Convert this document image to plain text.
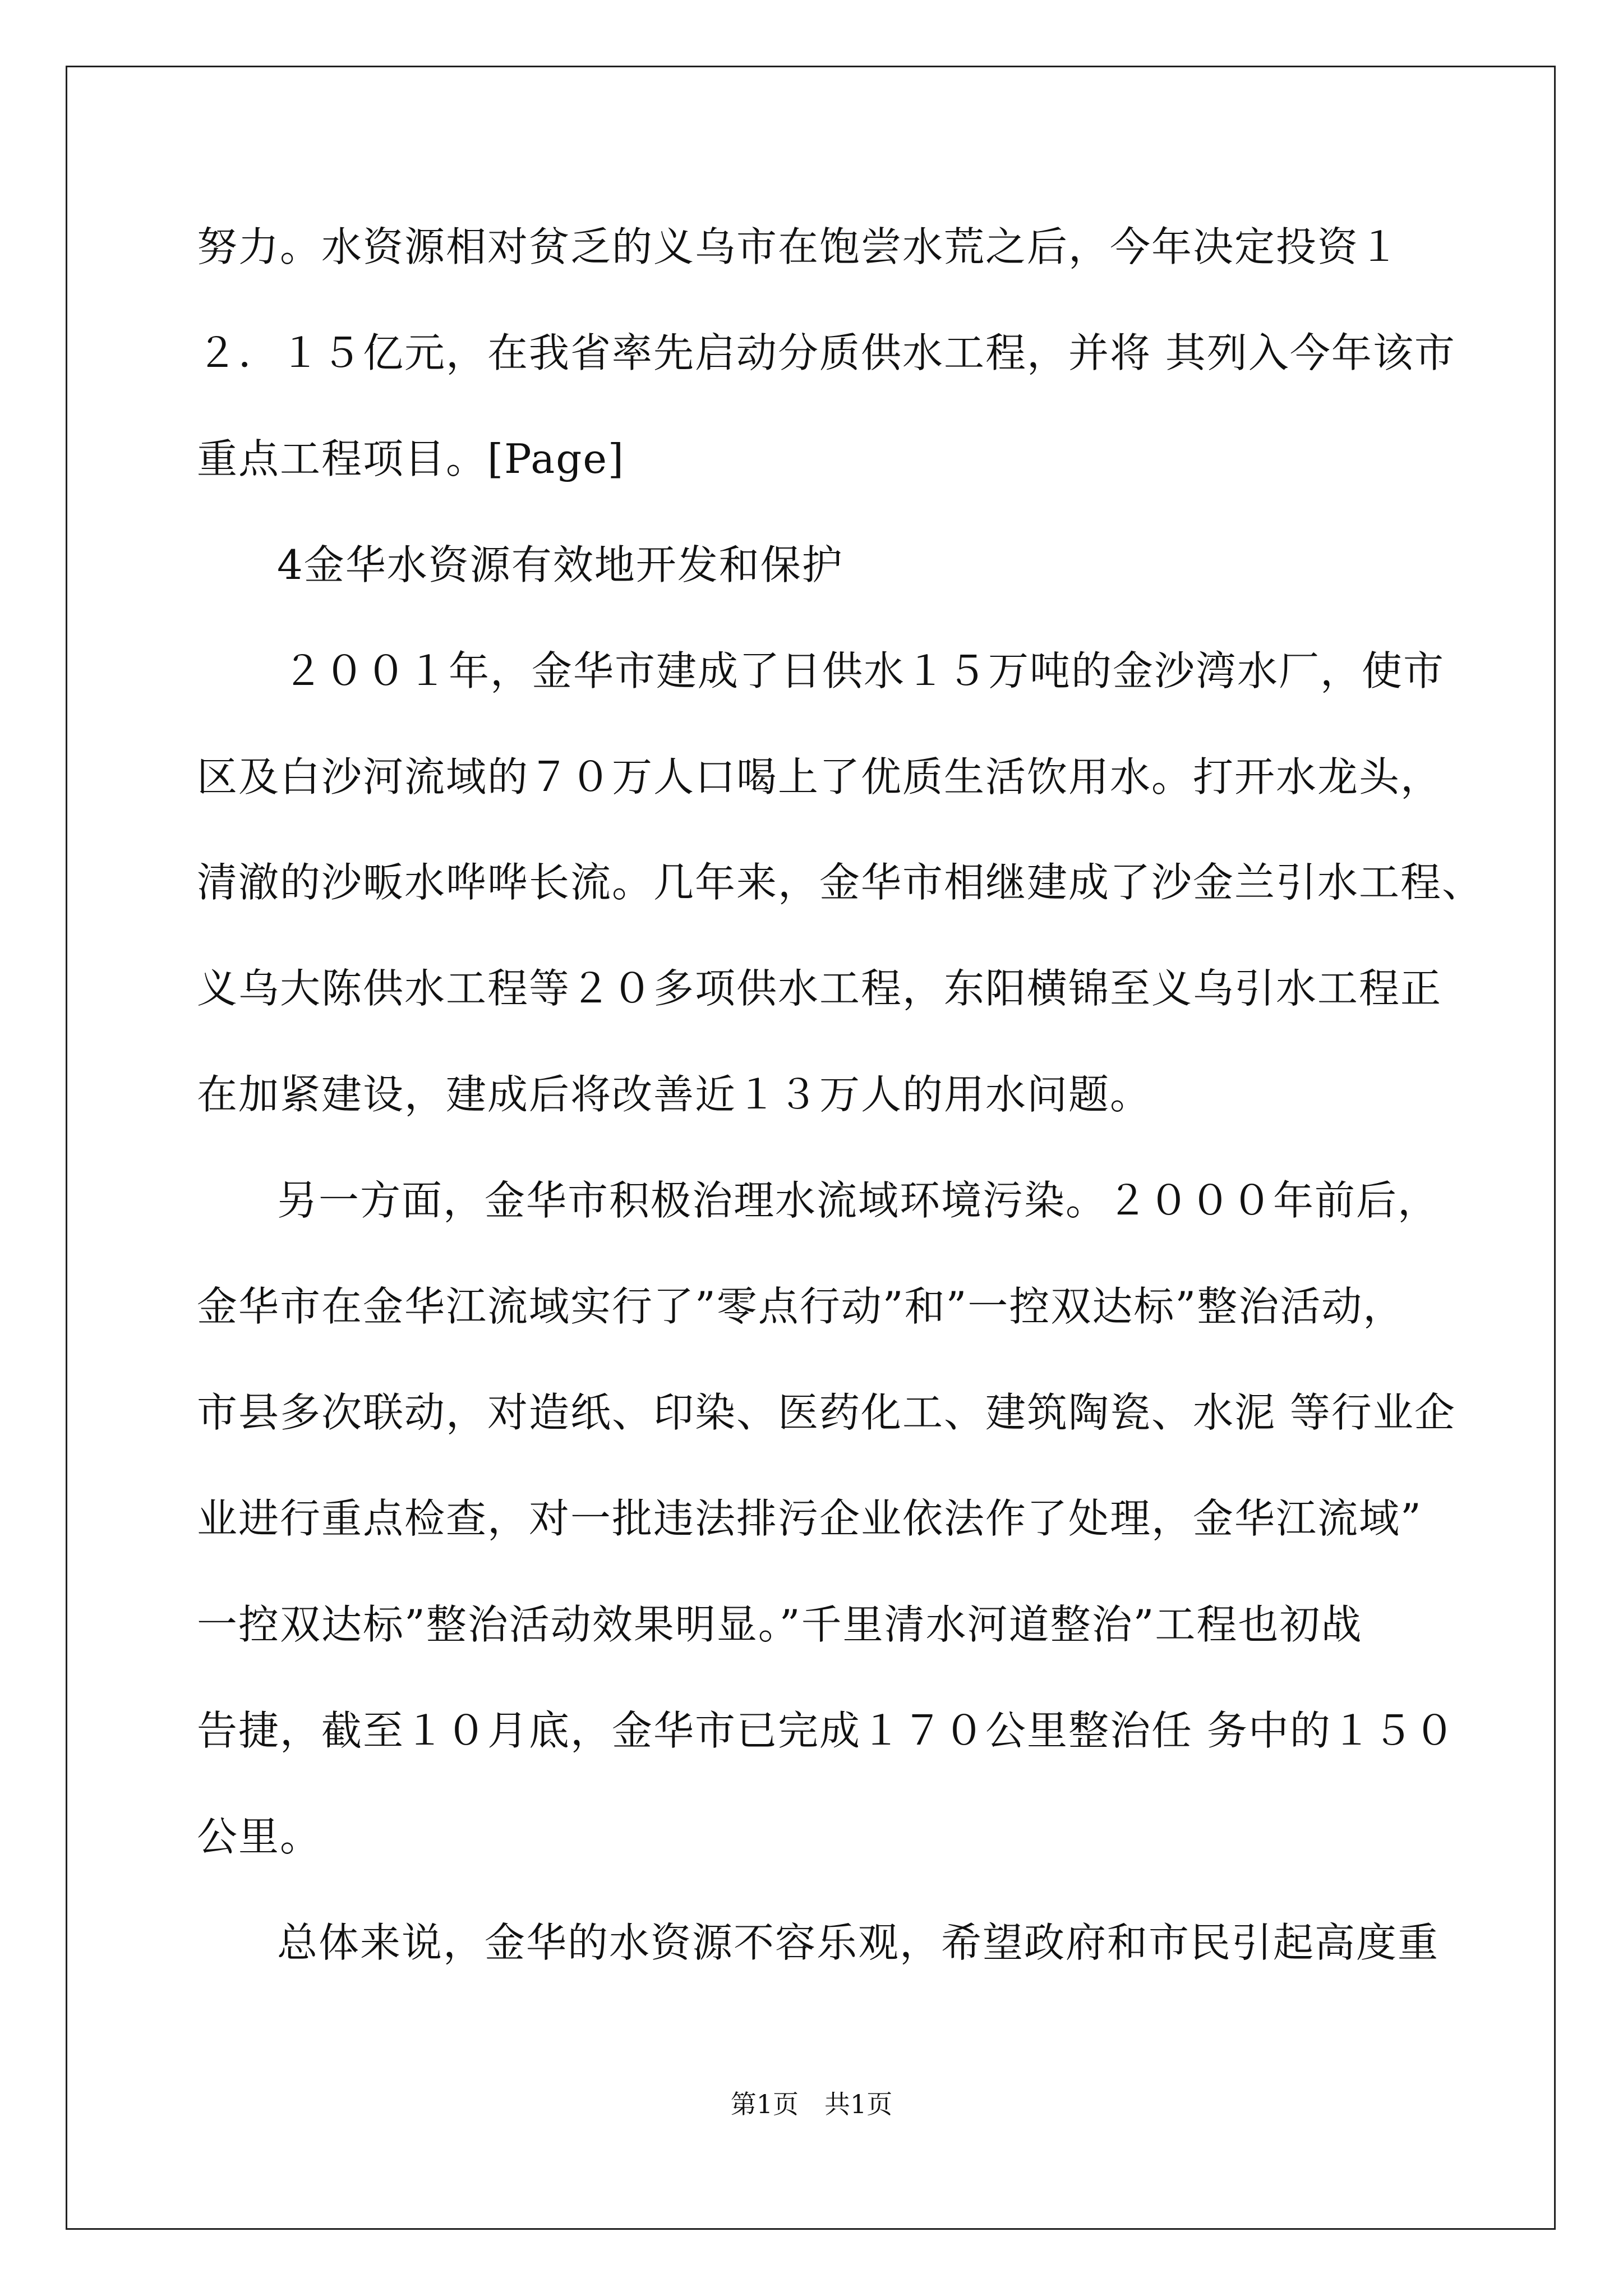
努力。水资源相对贫乏的义乌市在饱尝水荒之后，今年决定投资１
２．１５亿元，在我省率先启动分质供水工程，并将 其列入今年该市
重点工程项目。[Page]
4金华水资源有效地开发和保护
２００１年，金华市建成了日供水１５万吨的金沙湾水厂，使市
区及白沙河流域的７０万人口喝上了优质生活饮用水。打开水龙头，
清澈的沙畈水哗哗长流。几年来，金华市相继建成了沙金兰引水工程、
义乌大陈供水工程等２０多项供水工程，东阳横锦至义乌引水工程正
在加紧建设，建成后将改善近１３万人的用水问题。
另一方面，金华市积极治理水流域环境污染。２０００年前后，
金华市在金华江流域实行了”零点行动”和”一控双达标”整治活动，
市县多次联动，对造纸、印染、医药化工、建筑陶瓷、水泥 等行业企
业进行重点检查，对一批违法排污企业依法作了处理，金华江流域”
一控双达标”整治活动效果明显。”千里清水河道整治”工程也初战
告捷，截至１０月底，金华市已完成１７０公里整治任 务中的１５０
公里。
总体来说，金华的水资源不容乐观，希望政府和市民引起高度重
第1页　共1页
